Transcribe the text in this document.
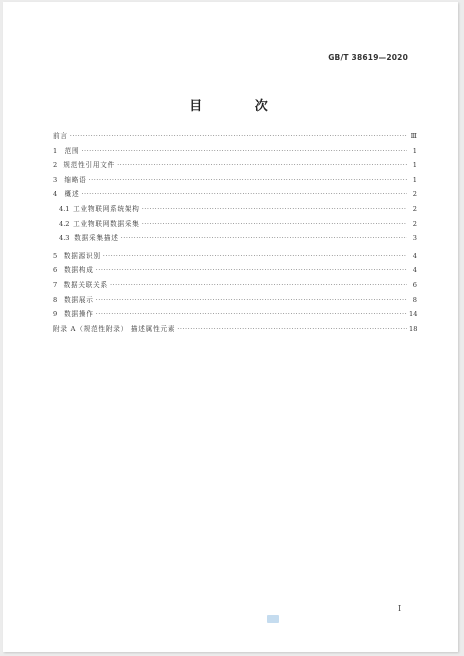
GB/T 38619—2020
目 次
前言 ·····	Ⅲ
1	范围 ·····	1
2 规范性引用文件 ·····	1
3	缩略语 ·····	1
4	概述 ·····	2
4.1 工业物联网系统架构 ·····	2
4.2 工业物联网数据采集 ·····	2
4.3 数据采集描述 ·····	3
5	数据源识别 ·····	4
6	数据构成 ·····	4
7 数据关联关系 ·····	6
8	数据展示 ·····	8
9	数据操作 ·····	14
附录 A（规范性附录） 描述属性元素 ·····	18
Ⅰ
